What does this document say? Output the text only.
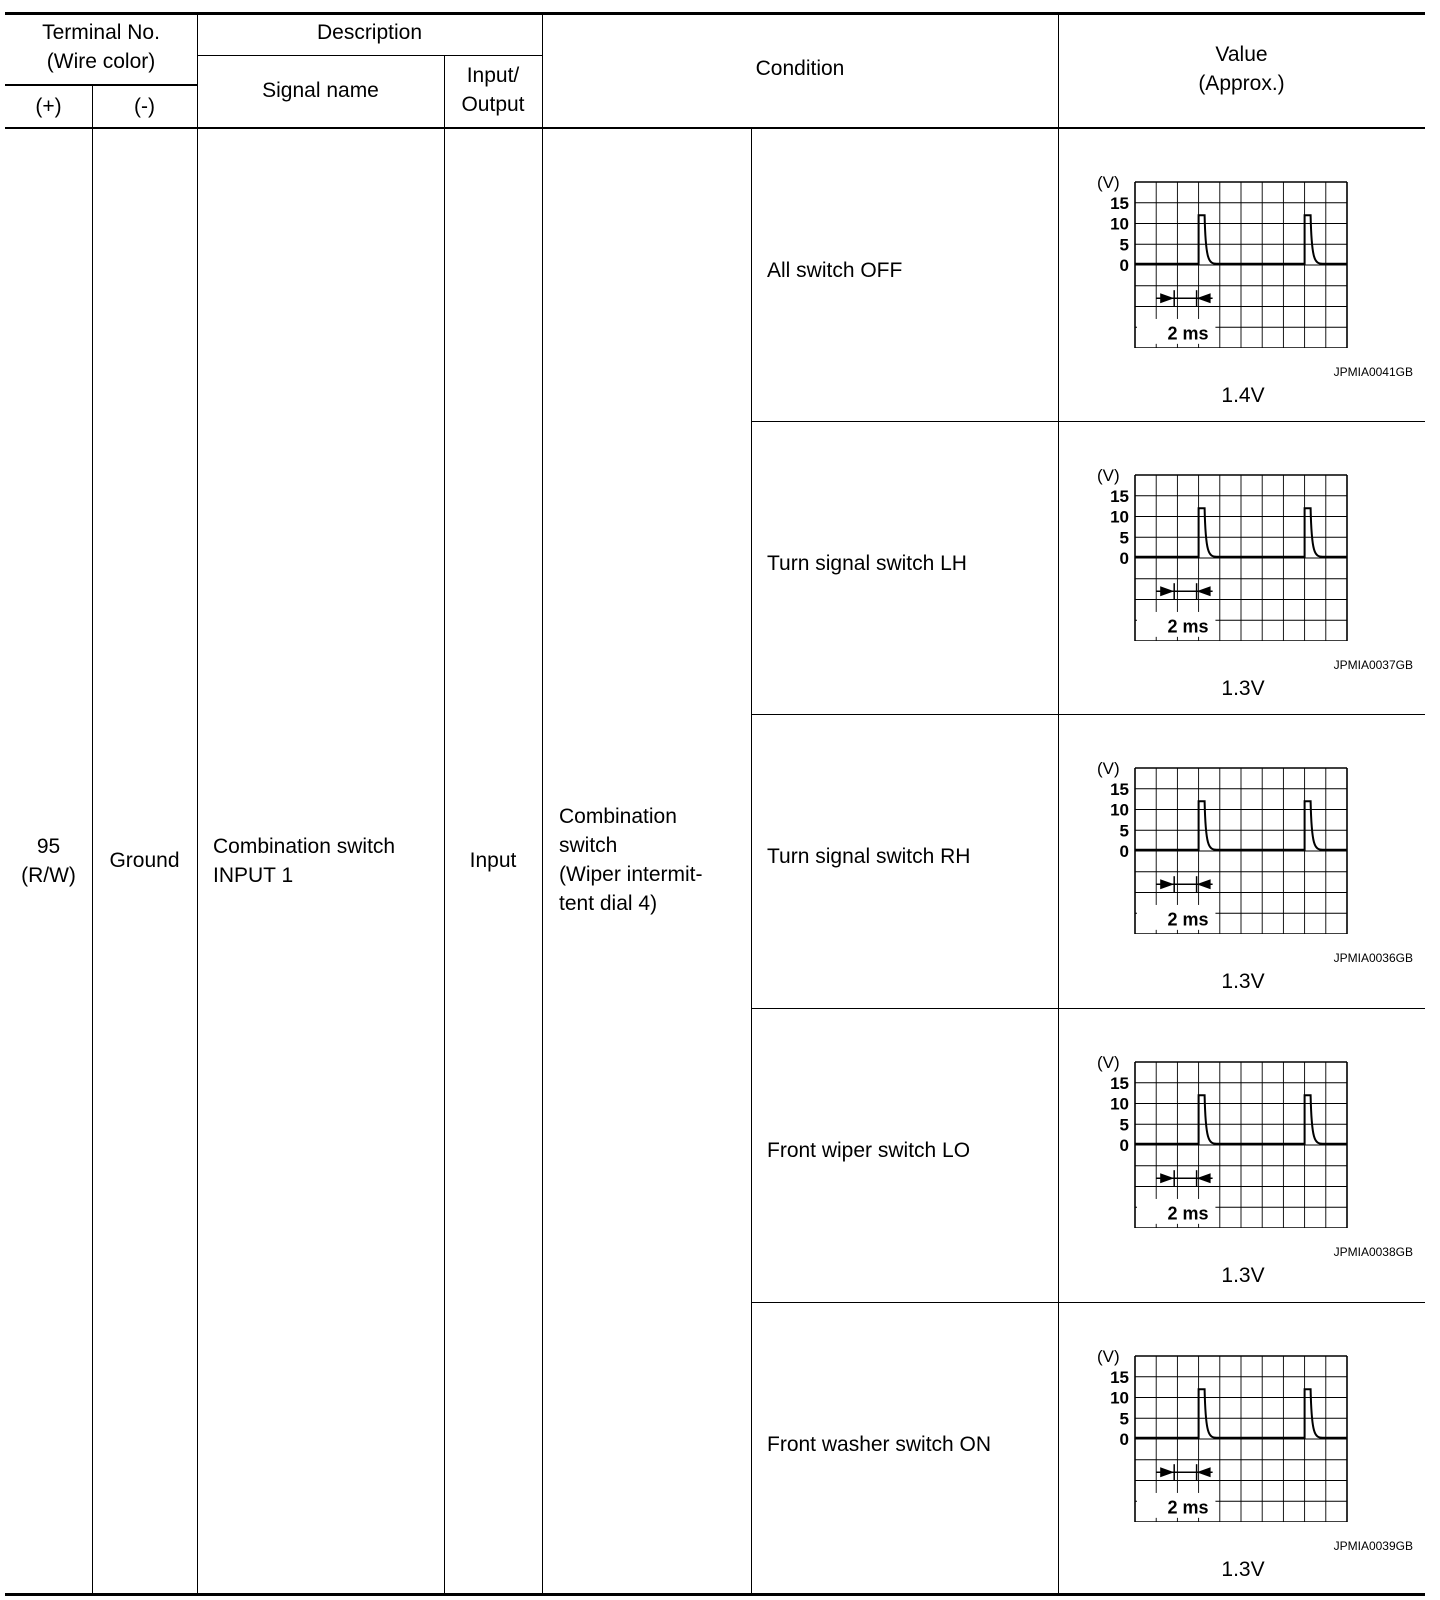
Terminal No.
(Wire color)
(+)	(-)
Description
Signal name
Input/
Output
Condition
Value
(Approx.)
95
(R/W)
Ground
Combination switch
INPUT 1
Input
Combination
switch
(Wiper intermit-
tent dial 4)
All switch OFF
(V)
15
10
5
0
2 ms
JPMIA0041GB
1.4V
Turn signal switch LH
(V)
15
10
5
0
2 ms
JPMIA0037GB
1.3V
Turn signal switch RH
(V)
15
10
5
0
2 ms
JPMIA0036GB
1.3V
Front wiper switch LO
(V)
15
10
5
0
2 ms
JPMIA0038GB
1.3V
Front washer switch ON
(V)
15
10
5
0
2 ms
JPMIA0039GB
1.3V
